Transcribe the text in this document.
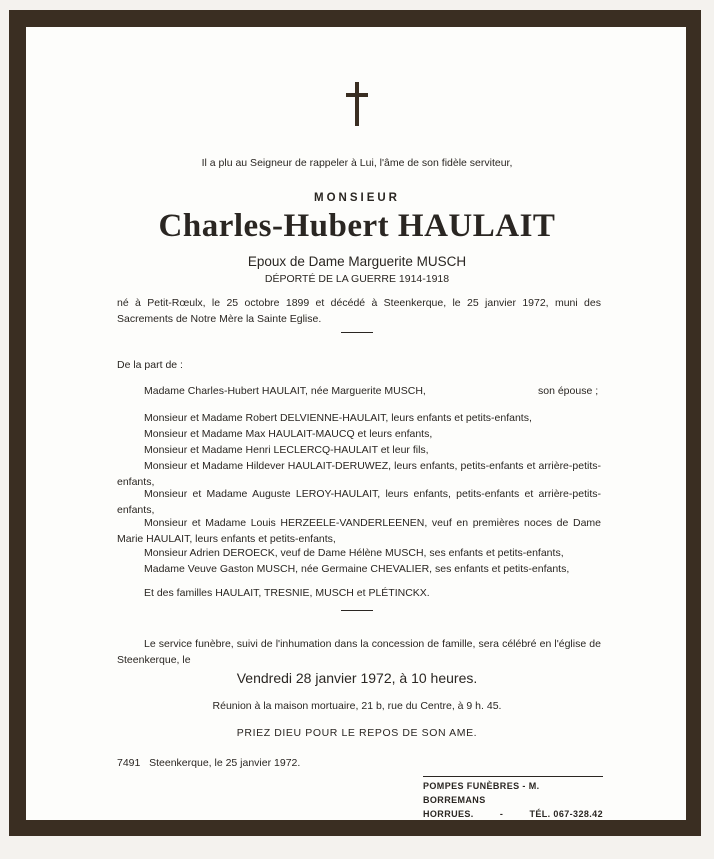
Il a plu au Seigneur de rappeler à Lui, l'âme de son fidèle serviteur,

MONSIEUR

Charles-Hubert HAULAIT

Epoux de Dame Marguerite MUSCH

DÉPORTÉ DE LA GUERRE 1914-1918

né à Petit-Rœulx, le 25 octobre 1899 et décédé à Steenkerque, le 25 janvier 1972, muni des Sacrements de Notre Mère la Sainte Eglise.

De la part de :

Madame Charles-Hubert HAULAIT, née Marguerite MUSCH,	son épouse ;

Monsieur et Madame Robert DELVIENNE-HAULAIT, leurs enfants et petits-enfants,

Monsieur et Madame Max HAULAIT-MAUCQ et leurs enfants,

Monsieur et Madame Henri LECLERCQ-HAULAIT et leur fils,

Monsieur et Madame Hildever HAULAIT-DERUWEZ, leurs enfants, petits-enfants et arrière-petits-enfants,

Monsieur et Madame Auguste LEROY-HAULAIT, leurs enfants, petits-enfants et arrière-petits-enfants,

Monsieur et Madame Louis HERZEELE-VANDERLEENEN, veuf en premières noces de Dame Marie HAULAIT, leurs enfants et petits-enfants,

Monsieur Adrien DEROECK, veuf de Dame Hélène MUSCH, ses enfants et petits-enfants,

Madame Veuve Gaston MUSCH, née Germaine CHEVALIER, ses enfants et petits-enfants,

Et des familles HAULAIT, TRESNIE, MUSCH et PLÉTINCKX.

Le service funèbre, suivi de l'inhumation dans la concession de famille, sera célébré en l'église de Steenkerque, le

Vendredi 28 janvier 1972, à 10 heures.

Réunion à la maison mortuaire, 21 b, rue du Centre, à 9 h. 45.

PRIEZ DIEU POUR LE REPOS DE SON AME.

7491   Steenkerque, le 25 janvier 1972.

POMPES FUNÈBRES - M. BORREMANS
HORRUES.	-	TÉL. 067-328.42
